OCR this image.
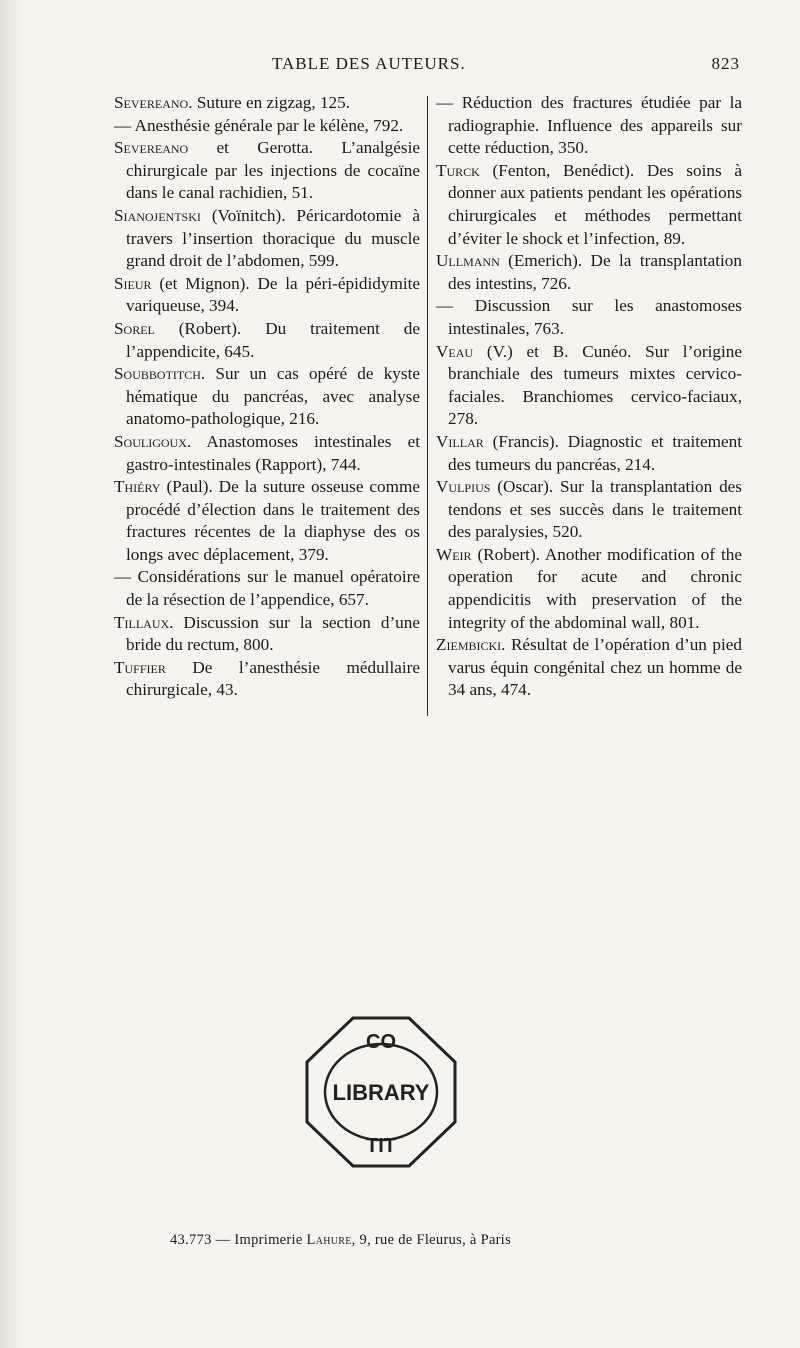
TABLE DES AUTEURS.	823

Severeano. Suture en zigzag, 125.

— Anesthésie générale par le kélène, 792.

Severeano et Gerotta. L’analgésie chirurgicale par les injections de cocaïne dans le canal rachidien, 51.

Sianojentski (Voïnitch). Péricardotomie à travers l’insertion thoracique du muscle grand droit de l’abdomen, 599.

Sieur (et Mignon). De la péri-épididymite variqueuse, 394.

Sorel (Robert). Du traitement de l’appendicite, 645.

Soubbotitch. Sur un cas opéré de kyste hématique du pancréas, avec analyse anatomo-pathologique, 216.

Souligoux. Anastomoses intestinales et gastro-intestinales (Rapport), 744.

Thiéry (Paul). De la suture osseuse comme procédé d’élection dans le traitement des fractures récentes de la diaphyse des os longs avec déplacement, 379.

— Considérations sur le manuel opératoire de la résection de l’appendice, 657.

Tillaux. Discussion sur la section d’une bride du rectum, 800.

Tuffier De l’anesthésie médullaire chirurgicale, 43.

— Réduction des fractures étudiée par la radiographie. Influence des appareils sur cette réduction, 350.

Turck (Fenton, Benédict). Des soins à donner aux patients pendant les opérations chirurgicales et méthodes permettant d’éviter le shock et l’infection, 89.

Ullmann (Emerich). De la transplantation des intestins, 726.

— Discussion sur les anastomoses intestinales, 763.

Veau (V.) et B. Cunéo. Sur l’origine branchiale des tumeurs mixtes cervico-faciales. Branchiomes cervico-faciaux, 278.

Villar (Francis). Diagnostic et traitement des tumeurs du pancréas, 214.

Vulpius (Oscar). Sur la transplantation des tendons et ses succès dans le traitement des paralysies, 520.

Weir (Robert). Another modification of the operation for acute and chronic appendicitis with preservation of the integrity of the abdominal wall, 801.

Ziembicki. Résultat de l’opération d’un pied varus équin congénital chez un homme de 34 ans, 474.

CO
LIBRARY
TIT
43.773 — Imprimerie Lahure, 9, rue de Fleurus, à Paris
